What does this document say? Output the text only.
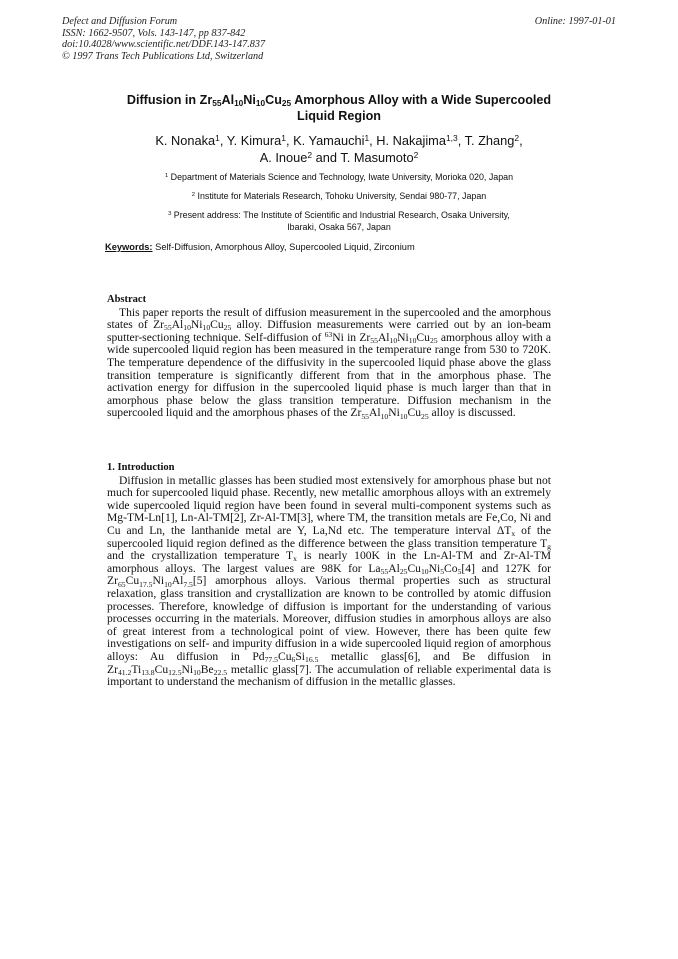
Defect and Diffusion Forum
ISSN: 1662-9507, Vols. 143-147, pp 837-842
doi:10.4028/www.scientific.net/DDF.143-147.837
© 1997 Trans Tech Publications Ltd, Switzerland
Online: 1997-01-01
Diffusion in $Zr_{55}Al_{10}Ni_{10}Cu_{25}$ Amorphous Alloy with a Wide Supercooled
Liquid Region
K. Nonaka$^1$, Y. Kimura$^1$, K. Yamauchi$^1$, H. Nakajima$^{1,3}$, T. Zhang$^2$,
A. Inoue$^2$ and T. Masumoto$^2$
$^1$ Department of Materials Science and Technology, Iwate University, Morioka 020, Japan
$^2$ Institute for Materials Research, Tohoku University, Sendai 980-77, Japan
$^3$ Present address: The Institute of Scientific and Industrial Research, Osaka University,
Ibaraki, Osaka 567, Japan
Keywords: Self-Diffusion, Amorphous Alloy, Supercooled Liquid, Zirconium

Abstract

This paper reports the result of diffusion measurement in the supercooled and the amorphous states of $Zr_{55}Al_{10}Ni_{10}Cu_{25}$ alloy. Diffusion measurements were carried out by an ion-beam sputter-sectioning technique. Self-diffusion of $^{63}$Ni in $Zr_{55}Al_{10}Ni_{10}Cu_{25}$ amorphous alloy with a wide supercooled liquid region has been measured in the temperature range from 530 to 720K. The temperature dependence of the diffusivity in the supercooled liquid phase above the glass transition temperature is significantly different from that in the amorphous phase. The activation energy for diffusion in the supercooled liquid phase is much larger than that in amorphous phase below the glass transition temperature. Diffusion mechanism in the supercooled liquid and the amorphous phases of the $Zr_{55}Al_{10}Ni_{10}Cu_{25}$ alloy is discussed.

1. Introduction

Diffusion in metallic glasses has been studied most extensively for amorphous phase but not much for supercooled liquid phase. Recently, new metallic amorphous alloys with an extremely wide supercooled liquid region have been found in several multi-component systems such as Mg-TM-Ln[1], Ln-Al-TM[2], Zr-Al-TM[3], where TM, the transition metals are Fe,Co, Ni and Cu and Ln, the lanthanide metal are Y, La,Nd etc. The temperature interval $\Delta T_x$ of the supercooled liquid region defined as the difference between the glass transition temperature $T_g$ and the crystallization temperature $T_x$ is nearly 100K in the Ln-Al-TM and Zr-Al-TM amorphous alloys. The largest values are 98K for $La_{55}Al_{25}Cu_{10}Ni_5Co_5[4]$ and 127K for $Zr_{65}Cu_{17.5}Ni_{10}Al_{7.5}[5]$ amorphous alloys. Various thermal properties such as structural relaxation, glass transition and crystallization are known to be controlled by atomic diffusion processes. Therefore, knowledge of diffusion is important for the understanding of various processes occurring in the materials. Moreover, diffusion studies in amorphous alloys are also of great interest from a technological point of view. However, there has been quite few investigations on self- and impurity diffusion in a wide supercooled liquid region of amorphous alloys: Au diffusion in $Pd_{77.5}Cu_6Si_{16.5}$ metallic glass[6], and Be diffusion in $Zr_{41.2}Ti_{13.8}Cu_{12.5}Ni_{10}Be_{22.5}$ metallic glass[7]. The accumulation of reliable experimental data is important to understand the mechanism of diffusion in the metallic glasses.
